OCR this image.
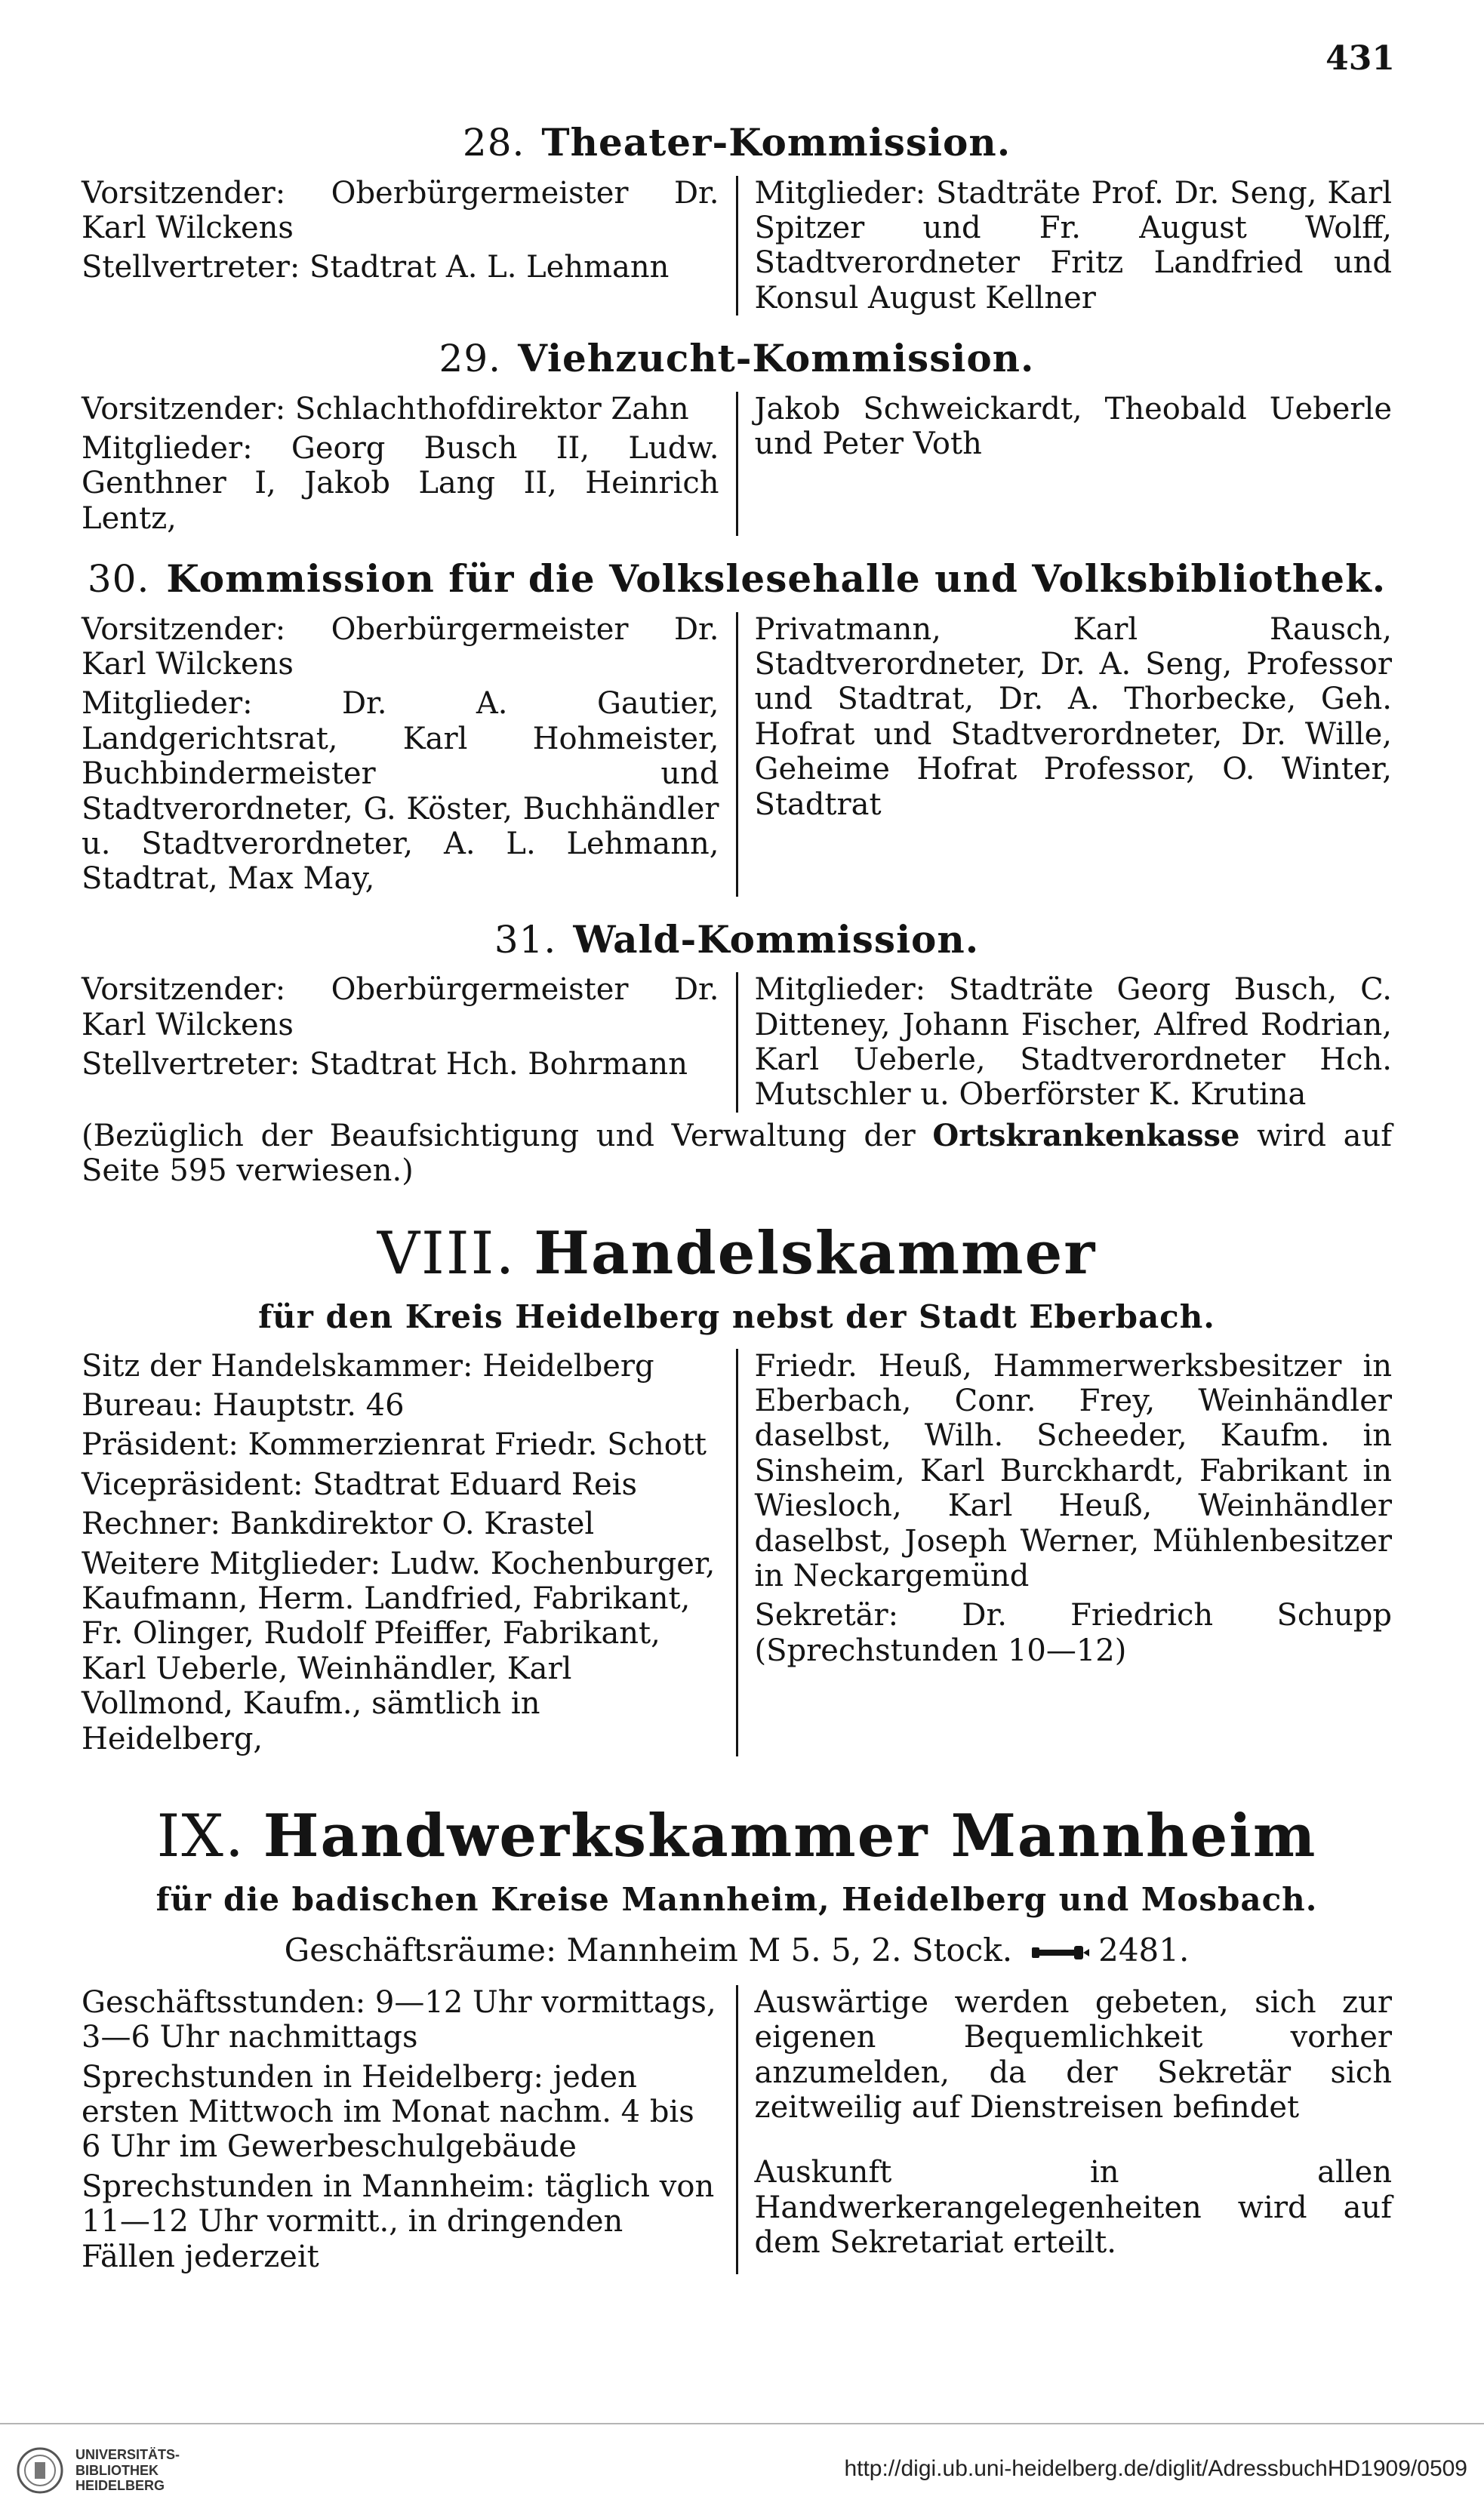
431
28. Theater-Kommission.

Vorsitzender: Oberbürgermeister Dr. Karl Wilckens

Stellvertreter: Stadtrat A. L. Lehmann

Mitglieder: Stadträte Prof. Dr. Seng, Karl Spitzer und Fr. August Wolff, Stadtverordneter Fritz Landfried und Konsul August Kellner

29. Viehzucht-Kommission.

Vorsitzender: Schlachthofdirektor Zahn

Mitglieder: Georg Busch II, Ludw. Genthner I, Jakob Lang II, Heinrich Lentz,

Jakob Schweickardt, Theobald Ueberle und Peter Voth

30. Kommission für die Volkslesehalle und Volksbibliothek.

Vorsitzender: Oberbürgermeister Dr. Karl Wilckens

Mitglieder: Dr. A. Gautier, Landgerichtsrat, Karl Hohmeister, Buchbindermeister und Stadtverordneter, G. Köster, Buchhändler u. Stadtverordneter, A. L. Lehmann, Stadtrat, Max May,

Privatmann, Karl Rausch, Stadtverordneter, Dr. A. Seng, Professor und Stadtrat, Dr. A. Thorbecke, Geh. Hofrat und Stadtverordneter, Dr. Wille, Geheime Hofrat Professor, O. Winter, Stadtrat

31. Wald-Kommission.

Vorsitzender: Oberbürgermeister Dr. Karl Wilckens

Stellvertreter: Stadtrat Hch. Bohrmann

Mitglieder: Stadträte Georg Busch, C. Ditteney, Johann Fischer, Alfred Rodrian, Karl Ueberle, Stadtverordneter Hch. Mutschler u. Oberförster K. Krutina

(Bezüglich der Beaufsichtigung und Verwaltung der Ortskrankenkasse wird auf Seite 595 verwiesen.)
VIII. Handelskammer
für den Kreis Heidelberg nebst der Stadt Eberbach.

Sitz der Handelskammer: Heidelberg

Bureau: Hauptstr. 46

Präsident: Kommerzienrat Friedr. Schott

Vicepräsident: Stadtrat Eduard Reis

Rechner: Bankdirektor O. Krastel

Weitere Mitglieder: Ludw. Kochenburger, Kaufmann, Herm. Landfried, Fabrikant, Fr. Olinger, Rudolf Pfeiffer, Fabrikant, Karl Ueberle, Weinhändler, Karl Vollmond, Kaufm., sämtlich in Heidelberg,

Friedr. Heuß, Hammerwerksbesitzer in Eberbach, Conr. Frey, Weinhändler daselbst, Wilh. Scheeder, Kaufm. in Sinsheim, Karl Burckhardt, Fabrikant in Wiesloch, Karl Heuß, Weinhändler daselbst, Joseph Werner, Mühlenbesitzer in Neckargemünd

Sekretär: Dr. Friedrich Schupp (Sprechstunden 10—12)

IX. Handwerkskammer Mannheim
für die badischen Kreise Mannheim, Heidelberg und Mosbach.
Geschäftsräume: Mannheim M 5. 5, 2. Stock.	2481.

Geschäftsstunden: 9—12 Uhr vormittags, 3—6 Uhr nachmittags

Sprechstunden in Heidelberg: jeden ersten Mittwoch im Monat nachm. 4 bis 6 Uhr im Gewerbeschulgebäude

Sprechstunden in Mannheim: täglich von 11—12 Uhr vormitt., in dringenden Fällen jederzeit

Auswärtige werden gebeten, sich zur eigenen Bequemlichkeit vorher anzumelden, da der Sekretär sich zeitweilig auf Dienstreisen befindet

Auskunft in allen Handwerkerangelegenheiten wird auf dem Sekretariat erteilt.

UNIVERSITÄTS-
BIBLIOTHEK
HEIDELBERG
http://digi.ub.uni-heidelberg.de/diglit/AdressbuchHD1909/0509
